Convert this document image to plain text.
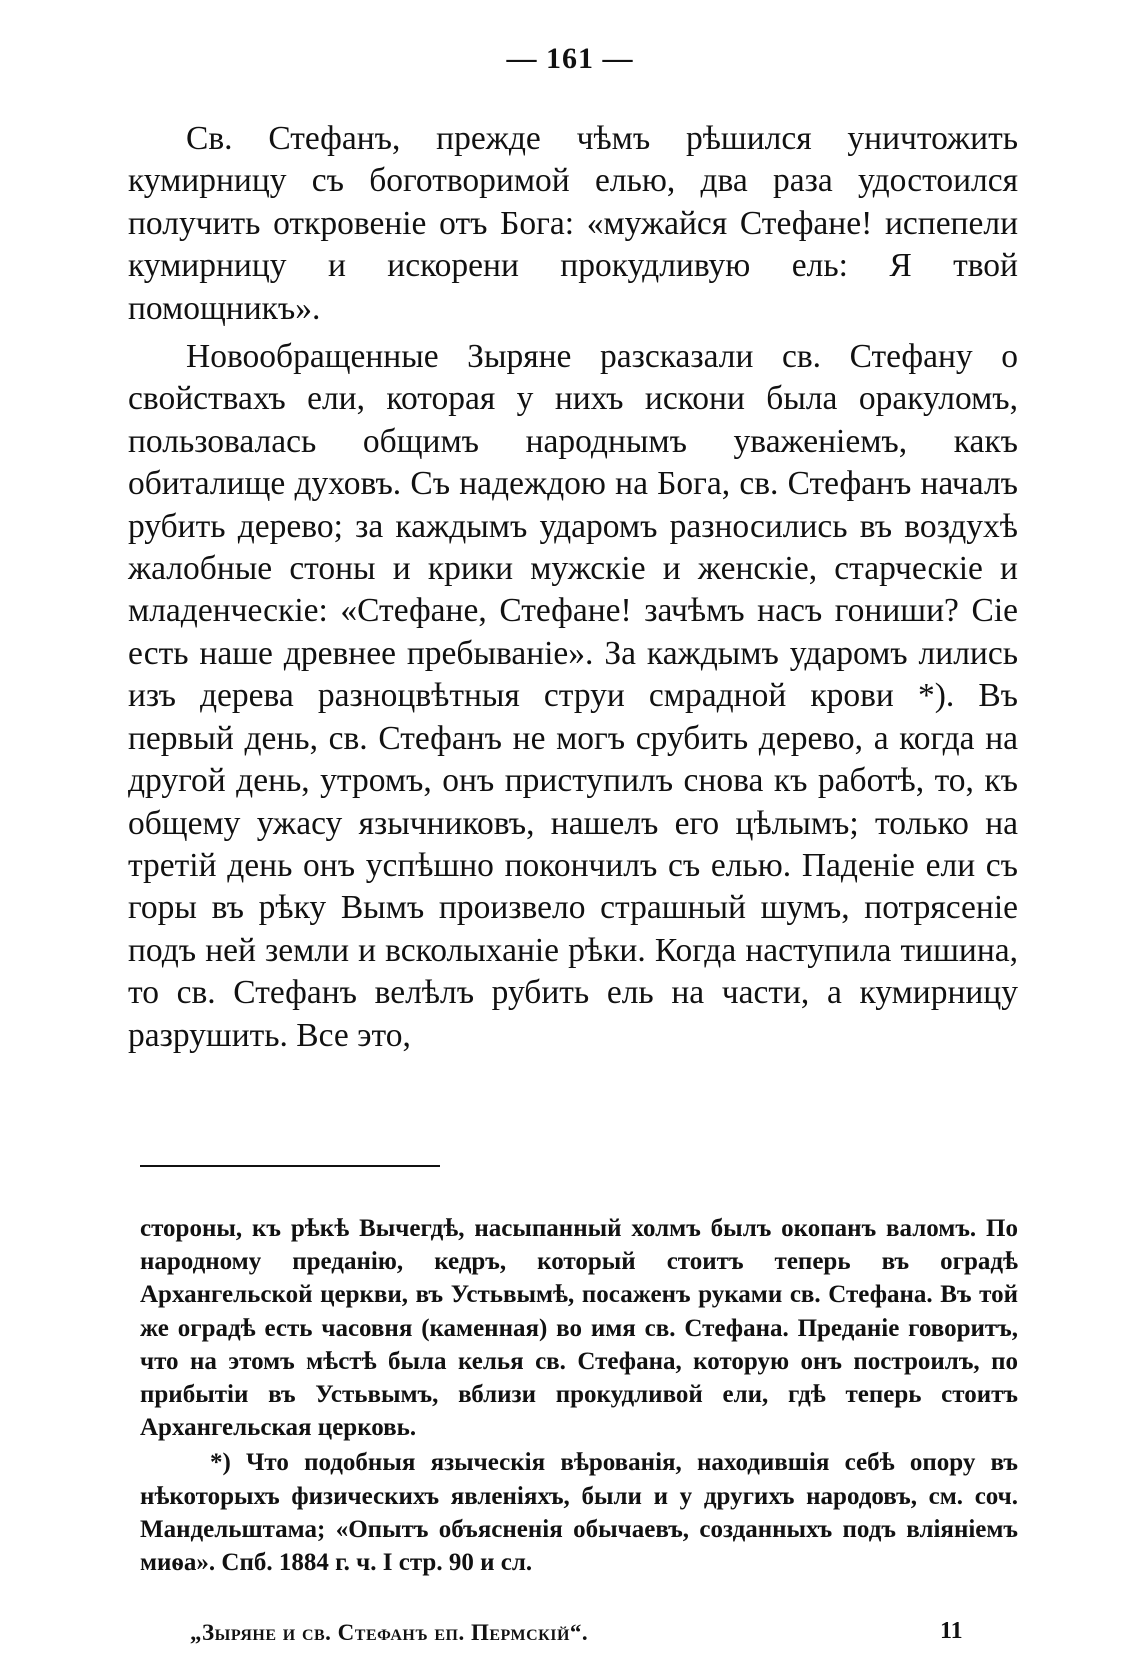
— 161 —

Св. Стефанъ, прежде чѣмъ рѣшился уничтожить кумирницу съ боготворимой елью, два раза удостоился получить откровеніе отъ Бога: «мужайся Стефане! испепели кумирницу и искорени прокудливую ель: Я твой помощникъ».

Новообращенные Зыряне разсказали св. Стефану о свойствахъ ели, которая у нихъ искони была оракуломъ, пользовалась общимъ народнымъ уваженіемъ, какъ обиталище духовъ. Съ надеждою на Бога, св. Стефанъ началъ рубить дерево; за каждымъ ударомъ разносились въ воздухѣ жалобные стоны и крики мужскіе и женскіе, старческіе и младенческіе: «Стефане, Стефане! зачѣмъ насъ гониши? Сіе есть наше древнее пребываніе». За каждымъ ударомъ лились изъ дерева разноцвѣтныя струи смрадной крови *). Въ первый день, св. Стефанъ не могъ срубить дерево, а когда на другой день, утромъ, онъ приступилъ снова къ работѣ, то, къ общему ужасу язычниковъ, нашелъ его цѣлымъ; только на третій день онъ успѣшно покончилъ съ елью. Паденіе ели съ горы въ рѣку Вымъ произвело страшный шумъ, потрясеніе подъ ней земли и всколыханіе рѣки. Когда наступила тишина, то св. Стефанъ велѣлъ рубить ель на части, а кумирницу разрушить. Все это,

стороны, къ рѣкѣ Вычегдѣ, насыпанный холмъ былъ окопанъ валомъ. По народному преданію, кедръ, который стоитъ теперь въ оградѣ Архангельской церкви, въ Устьвымѣ, посаженъ руками св. Стефана. Въ той же оградѣ есть часовня (каменная) во имя св. Стефана. Преданіе говоритъ, что на этомъ мѣстѣ была келья св. Стефана, которую онъ построилъ, по прибытіи въ Устьвымъ, вблизи прокудливой ели, гдѣ теперь стоитъ Архангельская церковь.

*) Что подобныя языческія вѣрованія, находившія себѣ опору въ нѣкоторыхъ физическихъ явленіяхъ, были и у другихъ народовъ, см. соч. Мандельштама; «Опытъ объясненія обычаевъ, созданныхъ подъ вліяніемъ миѳа». Спб. 1884 г. ч. I стр. 90 и сл.

„Зыряне и св. Стефанъ еп. Пермскій“.	11
